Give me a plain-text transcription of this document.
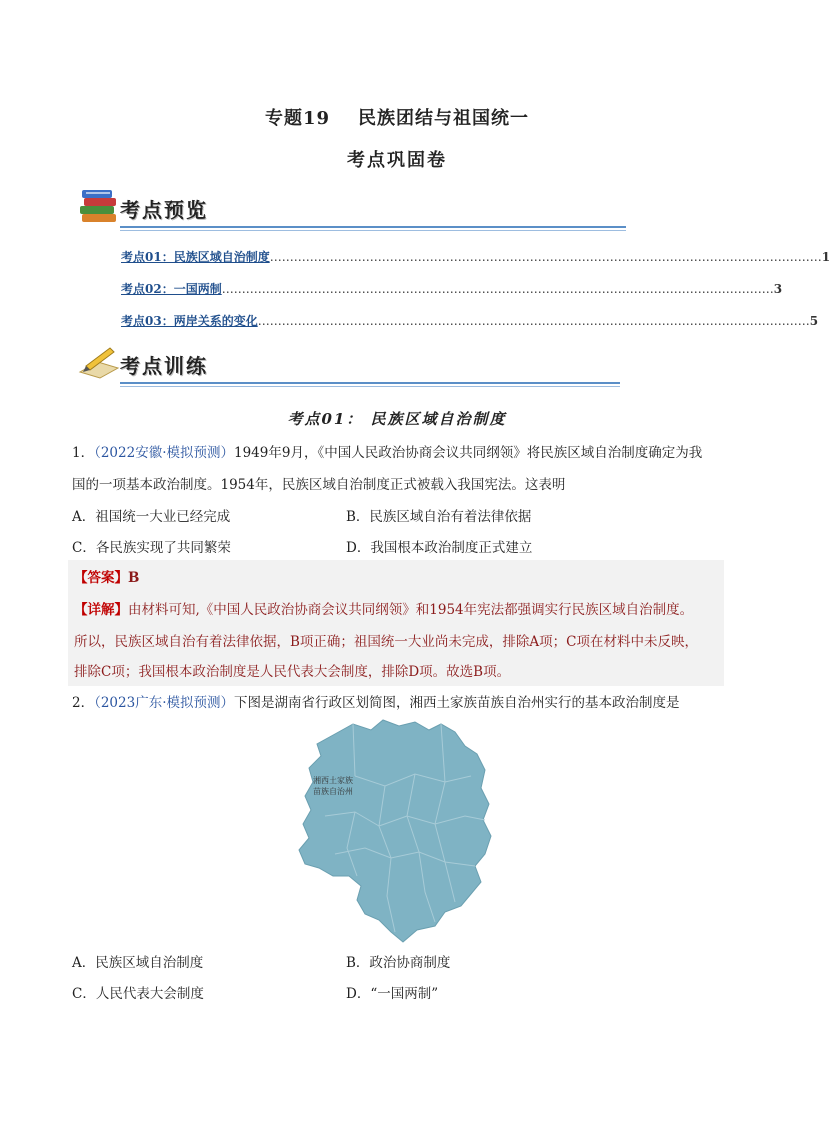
专题19 民族团结与祖国统一
考点巩固卷
考点预览
考点01：民族区域自治制度 ………………………………………………………………………………………………………………………… 1
考点02：一国两制 ………………………………………………………………………………………………………………………… 3
考点03：两岸关系的变化 ………………………………………………………………………………………………………………………… 5
考点训练
考点01： 民族区域自治制度
1．（2022安徽·模拟预测）1949年9月，《中国人民政治协商会议共同纲领》将民族区域自治制度确定为我
国的一项基本政治制度。1954年，民族区域自治制度正式被载入我国宪法。这表明
A．祖国统一大业已经完成	B．民族区域自治有着法律依据
C．各民族实现了共同繁荣	D．我国根本政治制度正式建立
【答案】B
【详解】由材料可知,《中国人民政治协商会议共同纲领》和1954年宪法都强调实行民族区域自治制度。
所以，民族区域自治有着法律依据，B项正确；祖国统一大业尚未完成，排除A项；C项在材料中未反映，
排除C项；我国根本政治制度是人民代表大会制度，排除D项。故选B项。
2．（2023广东·模拟预测）下图是湖南省行政区划简图，湘西土家族苗族自治州实行的基本政治制度是
湘西土家族
苗族自治州
A．民族区域自治制度	B．政治协商制度
C．人民代表大会制度	D．“一国两制”
